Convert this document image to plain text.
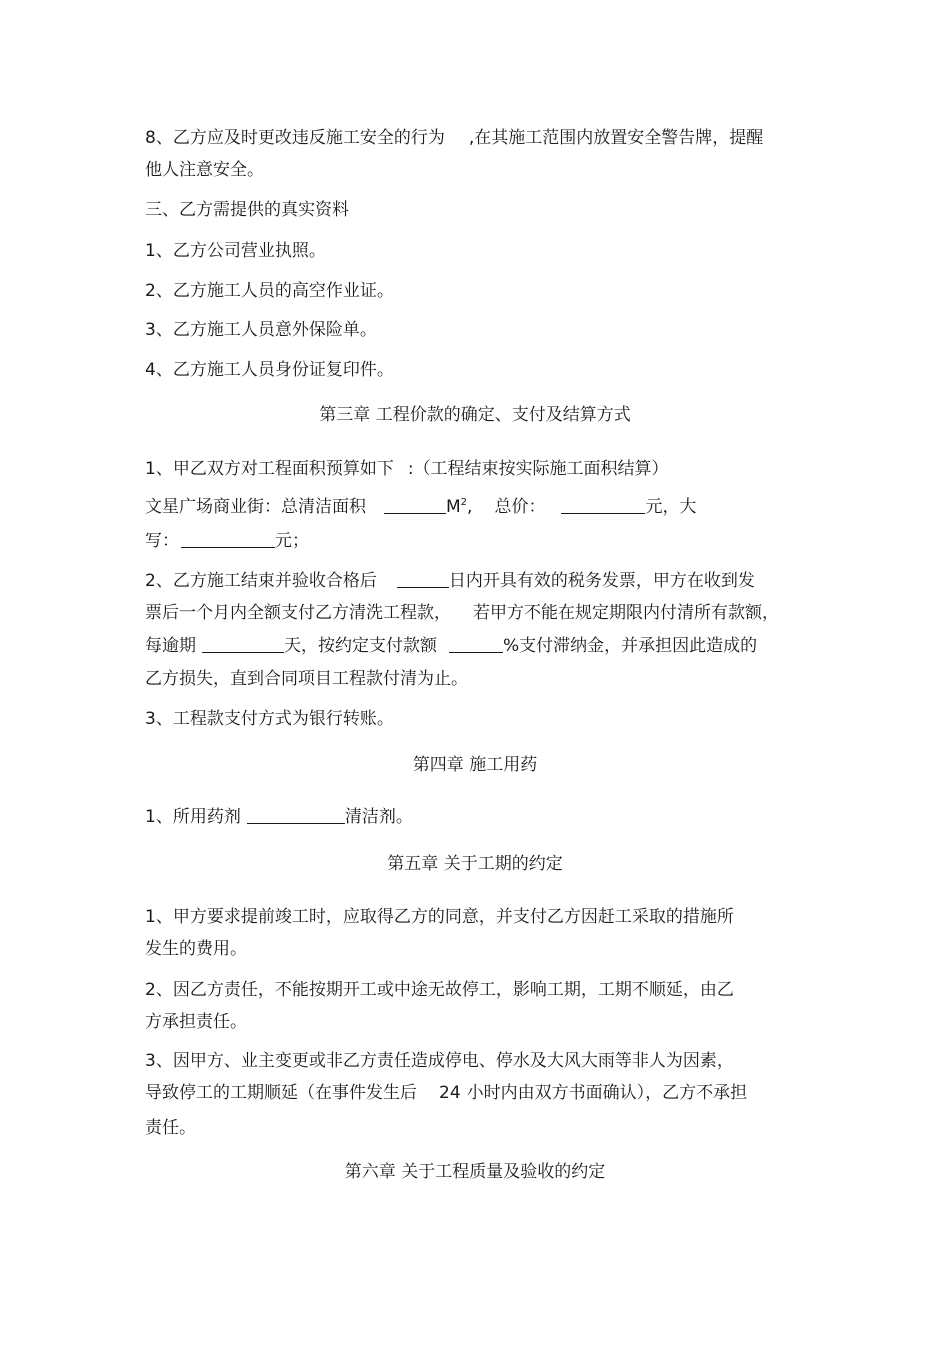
8、乙方应及时更改违反施工安全的行为 ,在其施工范围内放置安全警告牌，提醒
他人注意安全。
三、乙方需提供的真实资料
1、乙方公司营业执照。
2、乙方施工人员的高空作业证。
3、乙方施工人员意外保险单。
4、乙方施工人员身份证复印件。
第三章 工程价款的确定、支付及结算方式
1、甲乙双方对工程面积预算如下 :（工程结束按实际施工面积结算）
文星广场商业街：总清洁面积	$M^2$, 总价：	元，大
写：	元；
2、乙方施工结束并验收合格后	日内开具有效的税务发票，甲方在收到发
票后一个月内全额支付乙方清洗工程款， 若甲方不能在规定期限内付清所有款额，
每逾期	天，按约定支付款额	%支付滞纳金，并承担因此造成的
乙方损失，直到合同项目工程款付清为止。
3、工程款支付方式为银行转账。
第四章 施工用药
1、所用药剂	清洁剂。
第五章 关于工期的约定
1、甲方要求提前竣工时，应取得乙方的同意，并支付乙方因赶工采取的措施所
发生的费用。
2、因乙方责任，不能按期开工或中途无故停工，影响工期，工期不顺延，由乙
方承担责任。
3、因甲方、业主变更或非乙方责任造成停电、停水及大风大雨等非人为因素，
导致停工的工期顺延（在事件发生后 24 小时内由双方书面确认），乙方不承担
责任。
第六章 关于工程质量及验收的约定
